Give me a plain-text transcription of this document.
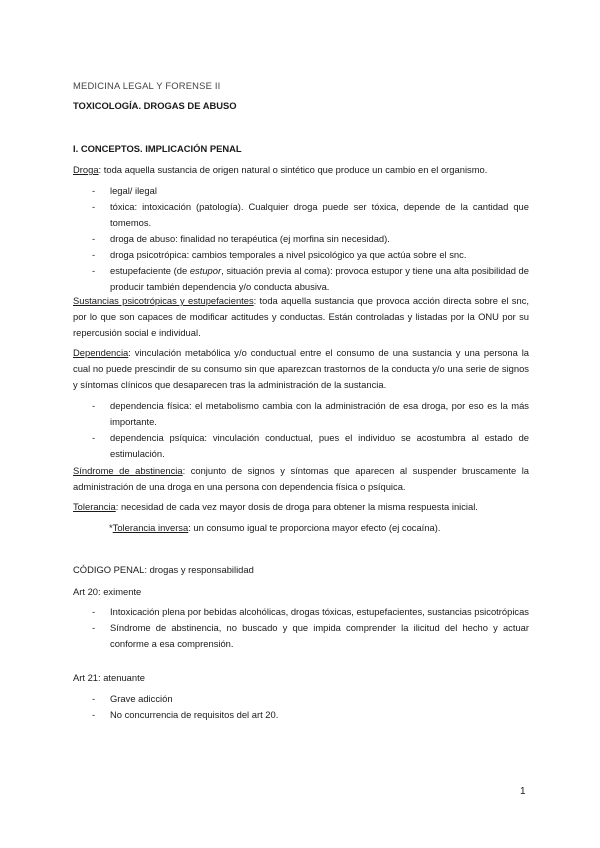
MEDICINA LEGAL Y FORENSE II
TOXICOLOGÍA. DROGAS DE ABUSO
I. CONCEPTOS. IMPLICACIÓN PENAL
Droga: toda aquella sustancia de origen natural o sintético que produce un cambio en el organismo.
- legal/ ilegal
- tóxica: intoxicación (patología). Cualquier droga puede ser tóxica, depende de la cantidad que tomemos.
- droga de abuso: finalidad no terapéutica (ej morfina sin necesidad).
- droga psicotrópica: cambios temporales a nivel psicológico ya que actúa sobre el snc.
- estupefaciente (de estupor, situación previa al coma): provoca estupor y tiene una alta posibilidad de producir también dependencia y/o conducta abusiva.
Sustancias psicotrópicas y estupefacientes: toda aquella sustancia que provoca acción directa sobre el snc, por lo que son capaces de modificar actitudes y conductas. Están controladas y listadas por la ONU por su repercusión social e individual.
Dependencia: vinculación metabólica y/o conductual entre el consumo de una sustancia y una persona la cual no puede prescindir de su consumo sin que aparezcan trastornos de la conducta y/o una serie de signos y síntomas clínicos que desaparecen tras la administración de la sustancia.
- dependencia física: el metabolismo cambia con la administración de esa droga, por eso es la más importante.
- dependencia psíquica: vinculación conductual, pues el individuo se acostumbra al estado de estimulación.
Síndrome de abstinencia: conjunto de signos y síntomas que aparecen al suspender bruscamente la administración de una droga en una persona con dependencia física o psíquica.
Tolerancia: necesidad de cada vez mayor dosis de droga para obtener la misma respuesta inicial.
*Tolerancia inversa: un consumo igual te proporciona mayor efecto (ej cocaína).
CÓDIGO PENAL: drogas y responsabilidad
Art 20: eximente
- Intoxicación plena por bebidas alcohólicas, drogas tóxicas, estupefacientes, sustancias psicotrópicas
- Síndrome de abstinencia, no buscado y que impida comprender la ilicitud del hecho y actuar conforme a esa comprensión.
Art 21: atenuante
- Grave adicción
- No concurrencia de requisitos del art 20.
1
